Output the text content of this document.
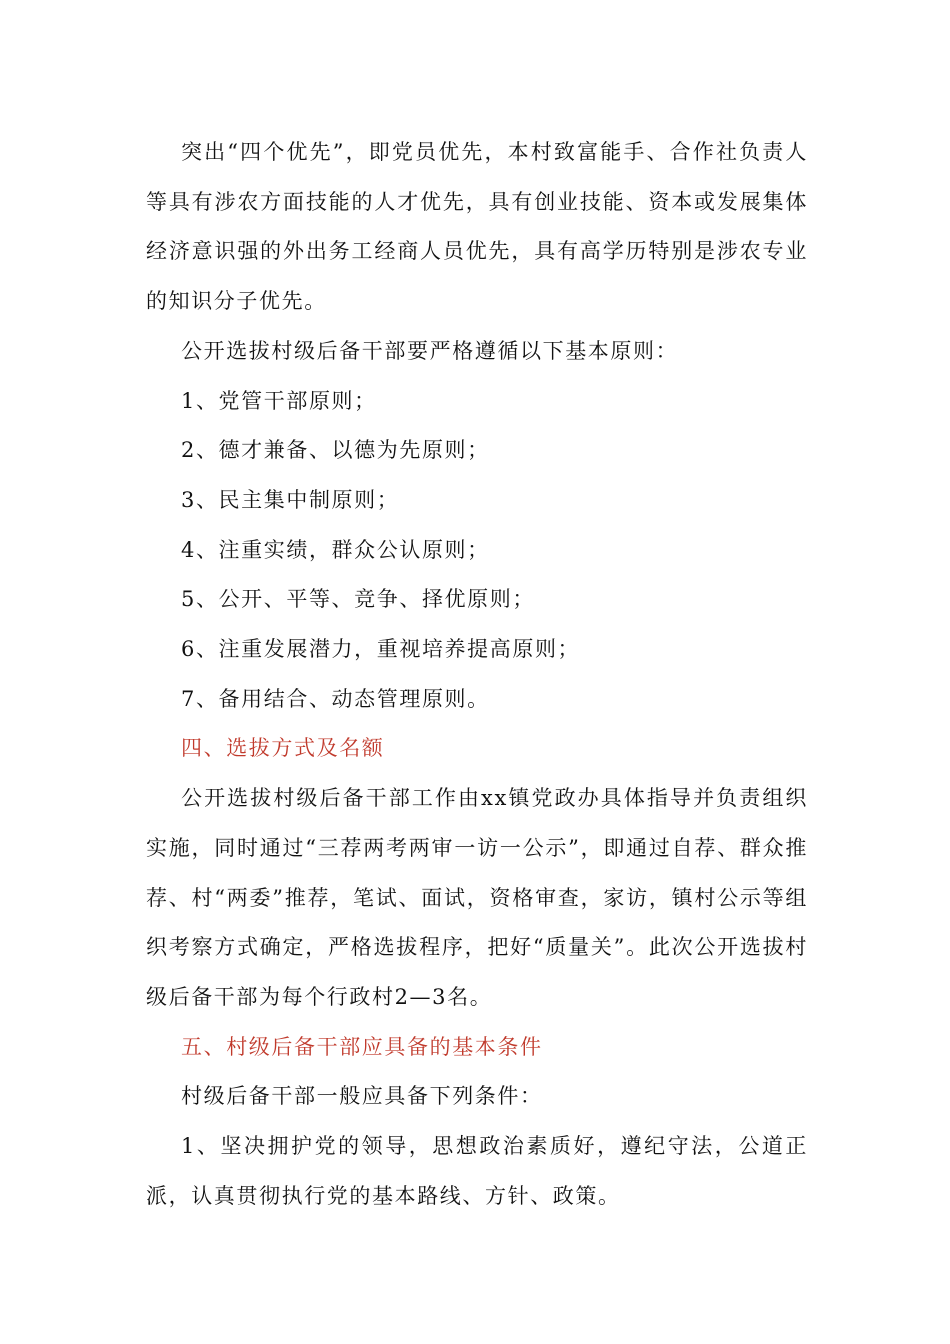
突出“四个优先”，即党员优先，本村致富能手、合作社负责人等具有涉农方面技能的人才优先，具有创业技能、资本或发展集体经济意识强的外出务工经商人员优先，具有高学历特别是涉农专业的知识分子优先。

公开选拔村级后备干部要严格遵循以下基本原则：

1、党管干部原则；

2、德才兼备、以德为先原则；

3、民主集中制原则；

4、注重实绩，群众公认原则；

5、公开、平等、竞争、择优原则；

6、注重发展潜力，重视培养提高原则；

7、备用结合、动态管理原则。

四、选拔方式及名额

公开选拔村级后备干部工作由xx镇党政办具体指导并负责组织实施，同时通过“三荐两考两审一访一公示”，即通过自荐、群众推荐、村“两委”推荐，笔试、面试，资格审查，家访，镇村公示等组织考察方式确定，严格选拔程序，把好“质量关”。此次公开选拔村级后备干部为每个行政村2—3名。

五、村级后备干部应具备的基本条件

村级后备干部一般应具备下列条件：

1、坚决拥护党的领导，思想政治素质好，遵纪守法，公道正派，认真贯彻执行党的基本路线、方针、政策。
